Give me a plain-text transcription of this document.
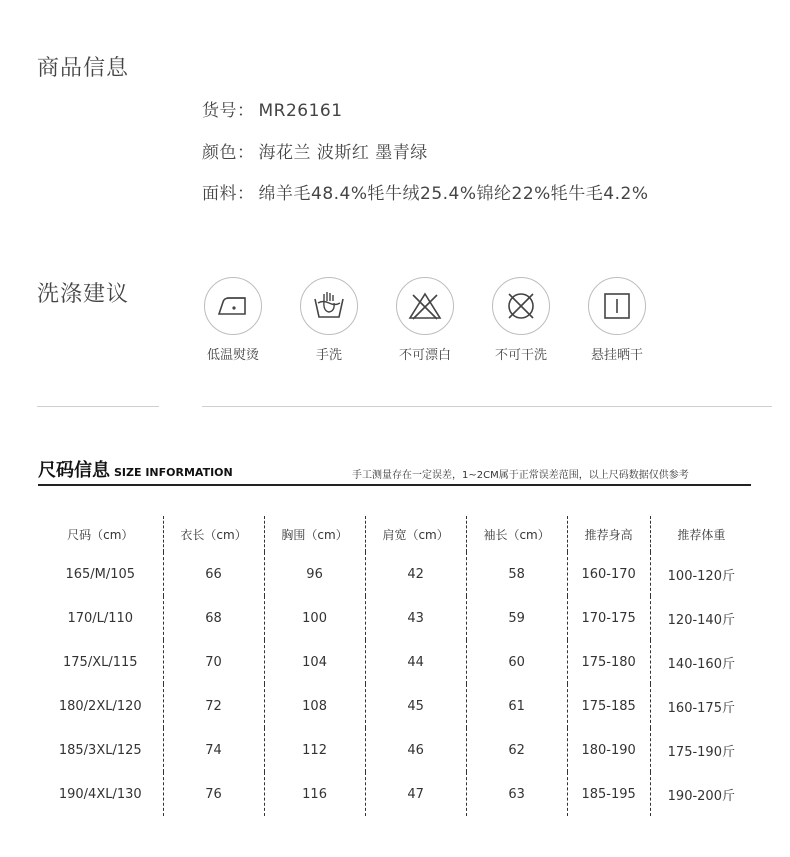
商品信息
货号： MR26161
颜色： 海花兰 波斯红 墨青绿
面料： 绵羊毛48.4%牦牛绒25.4%锦纶22%牦牛毛4.2%
洗涤建议
低温熨烫	手洗	不可漂白	不可干洗	悬挂晒干
尺码信息 SIZE INFORMATION	手工测量存在一定误差，1~2CM属于正常误差范围，以上尺码数据仅供参考
尺码（cm）	衣长（cm）	胸围（cm）	肩宽（cm）	袖长（cm）	推荐身高	推荐体重
165/M/105	66	96	42	58	160-170	100-120斤
170/L/110	68	100	43	59	170-175	120-140斤
175/XL/115	70	104	44	60	175-180	140-160斤
180/2XL/120	72	108	45	61	175-185	160-175斤
185/3XL/125	74	112	46	62	180-190	175-190斤
190/4XL/130	76	116	47	63	185-195	190-200斤
